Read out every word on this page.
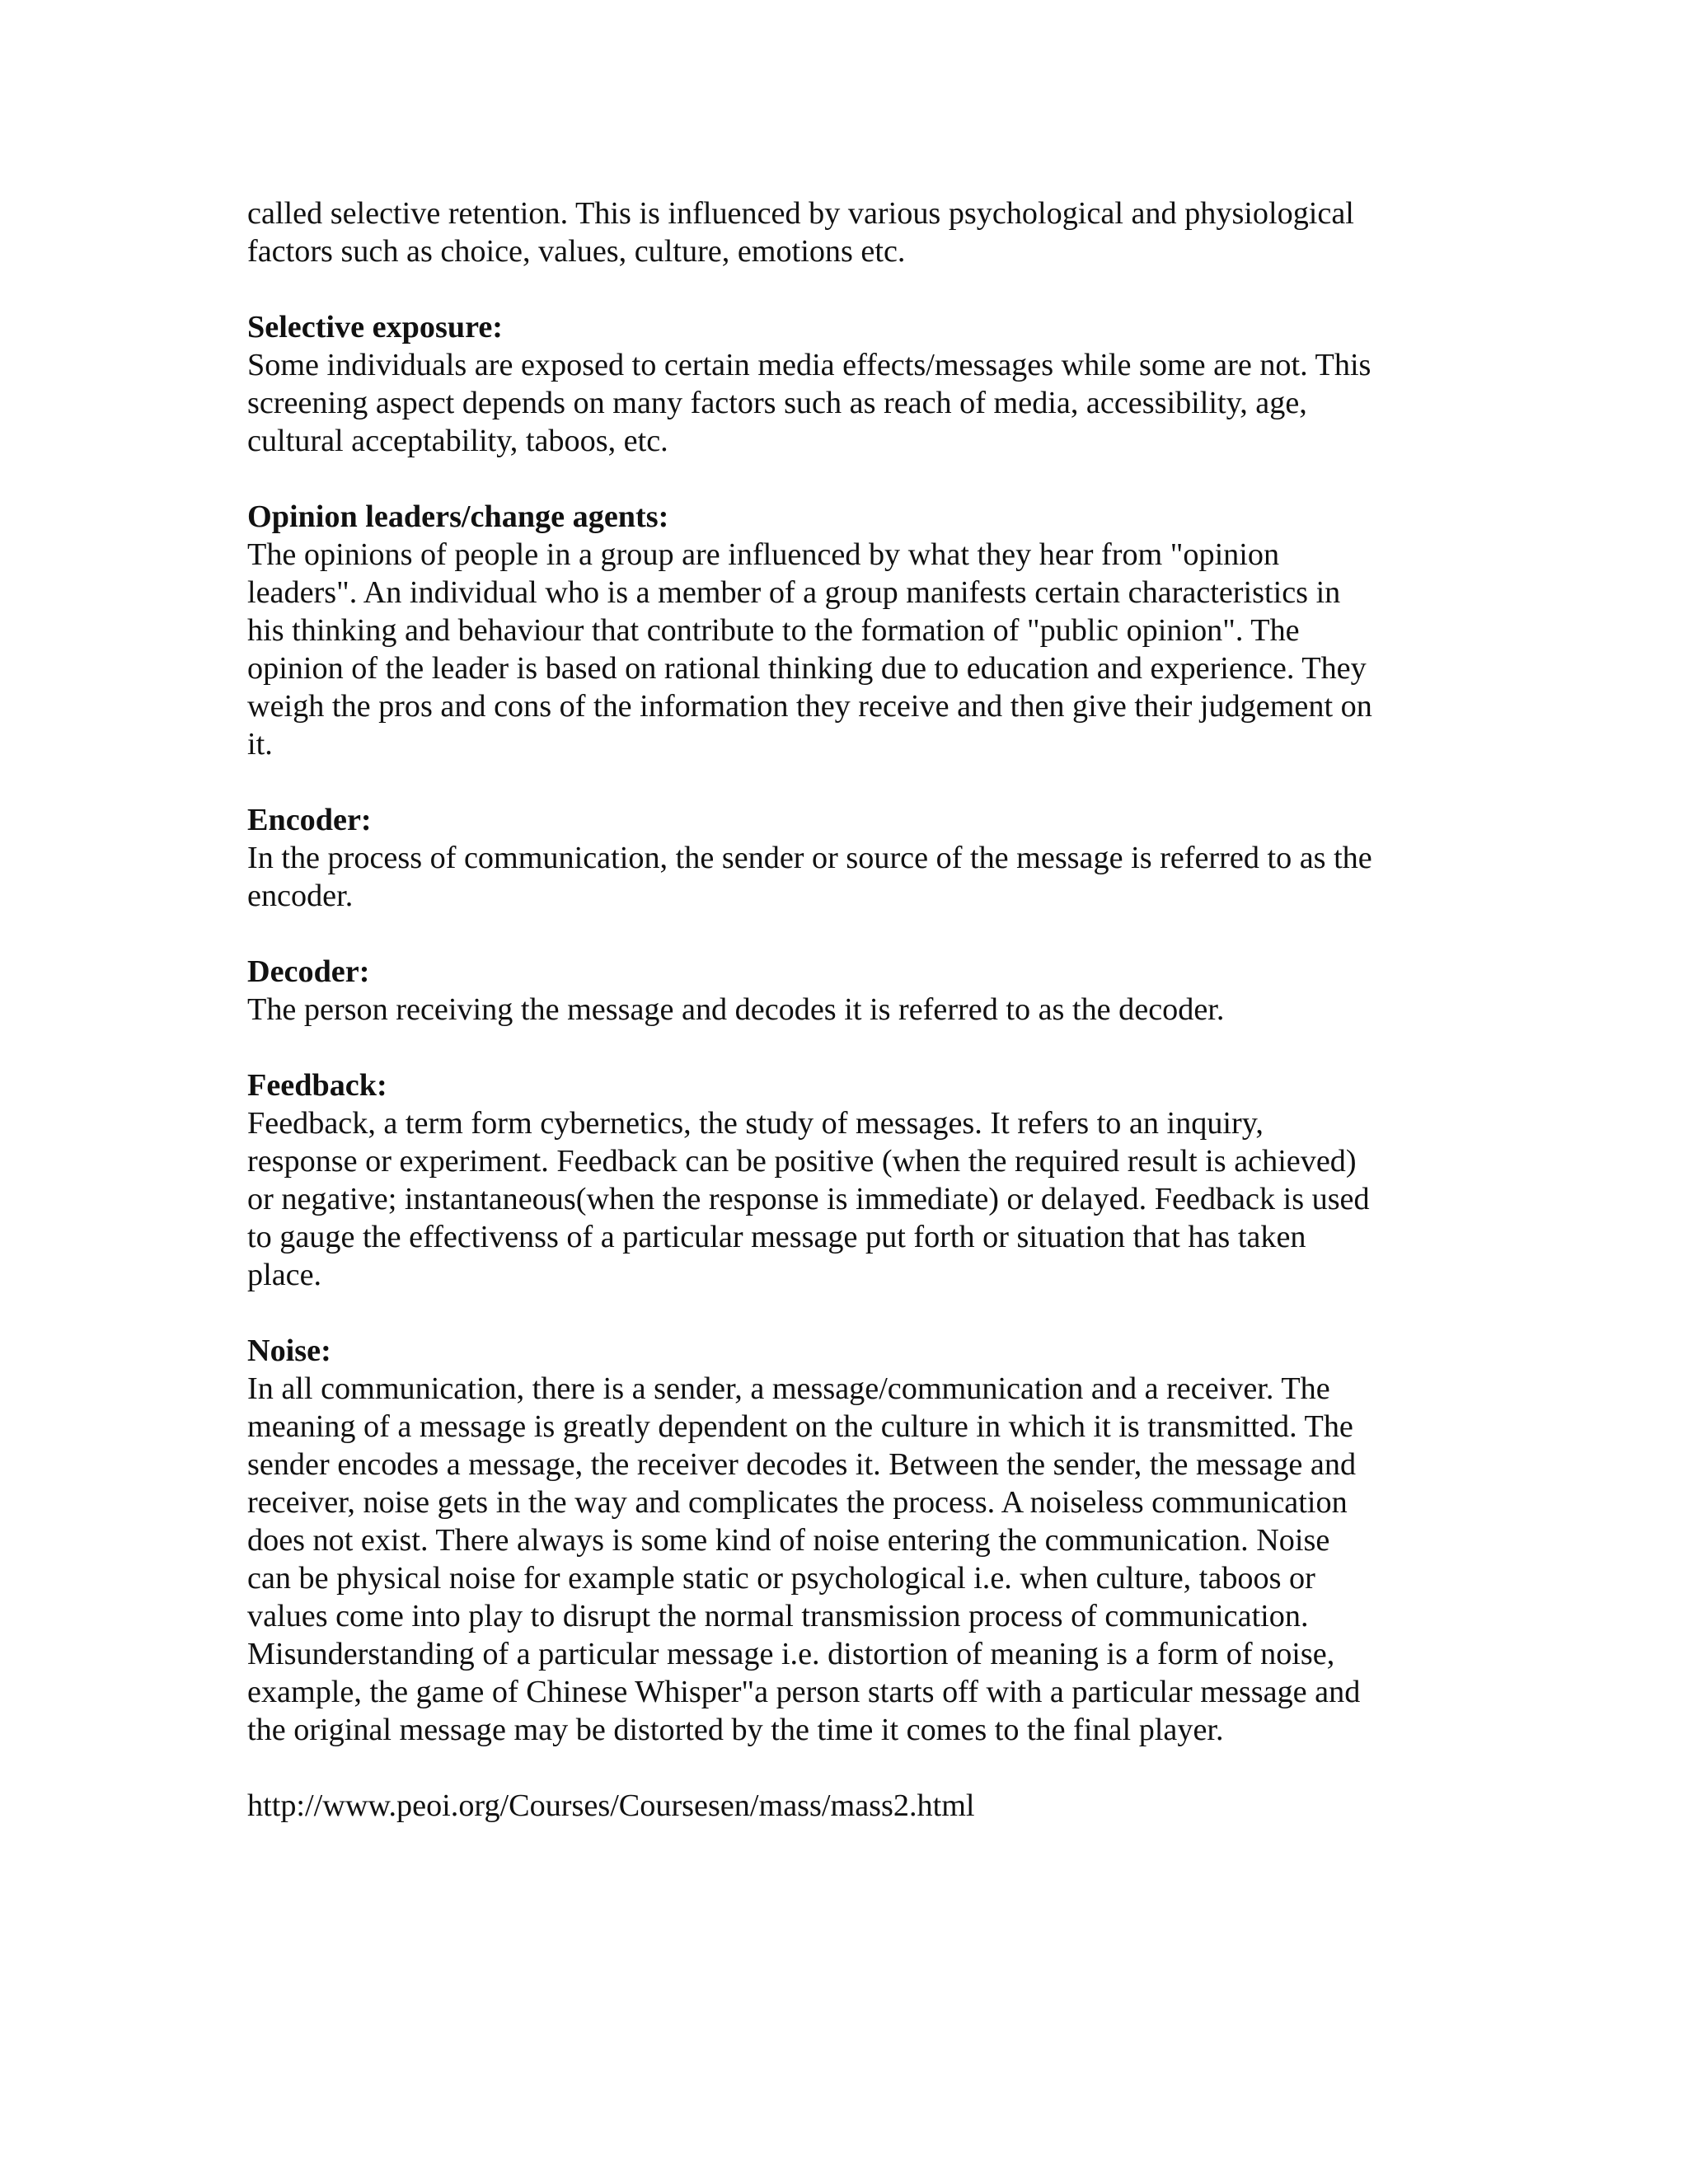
called selective retention. This is influenced by various psychological and physiological
factors such as choice, values, culture, emotions etc.
Selective exposure:
Some individuals are exposed to certain media effects/messages while some are not. This
screening aspect depends on many factors such as reach of media, accessibility, age,
cultural acceptability, taboos, etc.
Opinion leaders/change agents:
The opinions of people in a group are influenced by what they hear from "opinion
leaders". An individual who is a member of a group manifests certain characteristics in
his thinking and behaviour that contribute to the formation of "public opinion". The
opinion of the leader is based on rational thinking due to education and experience. They
weigh the pros and cons of the information they receive and then give their judgement on
it.
Encoder:
In the process of communication, the sender or source of the message is referred to as the
encoder.
Decoder:
The person receiving the message and decodes it is referred to as the decoder.
Feedback:
Feedback, a term form cybernetics, the study of messages. It refers to an inquiry,
response or experiment. Feedback can be positive (when the required result is achieved)
or negative; instantaneous(when the response is immediate) or delayed. Feedback is used
to gauge the effectivenss of a particular message put forth or situation that has taken
place.
Noise:
In all communication, there is a sender, a message/communication and a receiver. The
meaning of a message is greatly dependent on the culture in which it is transmitted. The
sender encodes a message, the receiver decodes it. Between the sender, the message and
receiver, noise gets in the way and complicates the process. A noiseless communication
does not exist. There always is some kind of noise entering the communication. Noise
can be physical noise for example static or psychological i.e. when culture, taboos or
values come into play to disrupt the normal transmission process of communication.
Misunderstanding of a particular message i.e. distortion of meaning is a form of noise,
example, the game of Chinese Whisper"a person starts off with a particular message and
the original message may be distorted by the time it comes to the final player.
http://www.peoi.org/Courses/Coursesen/mass/mass2.html
